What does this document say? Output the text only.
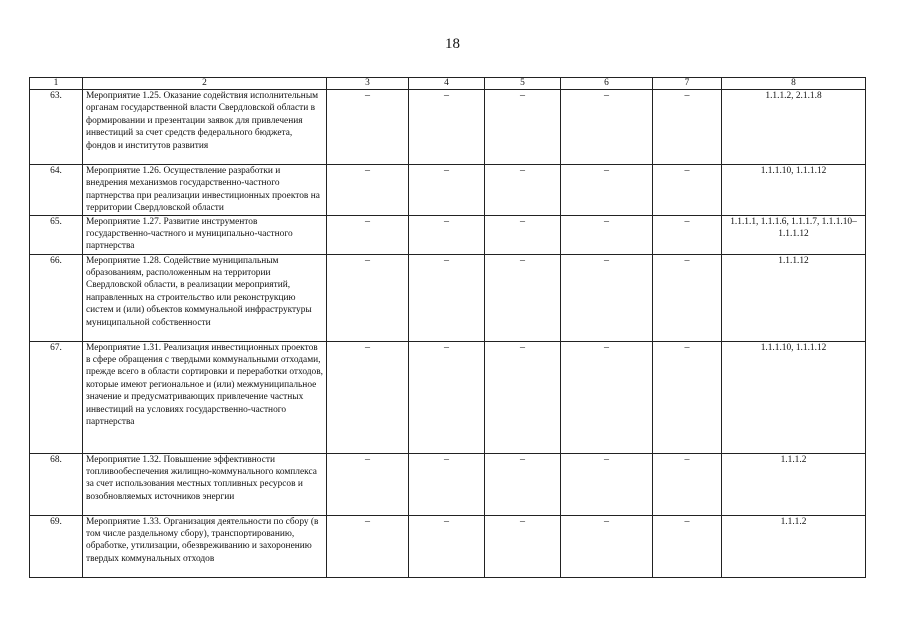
18
1	2	3	4	5	6	7	8
63.	Мероприятие 1.25. Оказание содействия исполнительным органам государственной власти Свердловской области в формировании и презентации заявок для привлечения инвестиций за счет средств федерального бюджета, фондов и институтов развития	–	–	–	–	–	1.1.1.2, 2.1.1.8
64.	Мероприятие 1.26. Осуществление разработки и внедрения механизмов государственно-частного партнерства при реализации инвестиционных проектов на территории Свердловской области	–	–	–	–	–	1.1.1.10, 1.1.1.12
65.	Мероприятие 1.27. Развитие инструментов государственно-частного и муниципально-частного партнерства	–	–	–	–	–	1.1.1.1, 1.1.1.6, 1.1.1.7, 1.1.1.10–1.1.1.12
66.	Мероприятие 1.28. Содействие муниципальным образованиям, расположенным на территории Свердловской области, в реализации мероприятий, направленных на строительство или реконструкцию систем и (или) объектов коммунальной инфраструктуры муниципальной собственности	–	–	–	–	–	1.1.1.12
67.	Мероприятие 1.31. Реализация инвестиционных проектов в сфере обращения с твердыми коммунальными отходами, прежде всего в области сортировки и переработки отходов, которые имеют региональное и (или) межмуниципальное значение и предусматривающих привлечение частных инвестиций на условиях государственно-частного партнерства	–	–	–	–	–	1.1.1.10, 1.1.1.12
68.	Мероприятие 1.32. Повышение эффективности топливообеспечения жилищно-коммунального комплекса за счет использования местных топливных ресурсов и возобновляемых источников энергии	–	–	–	–	–	1.1.1.2
69.	Мероприятие 1.33. Организация деятельности по сбору (в том числе раздельному сбору), транспортированию, обработке, утилизации, обезвреживанию и захоронению твердых коммунальных отходов	–	–	–	–	–	1.1.1.2
